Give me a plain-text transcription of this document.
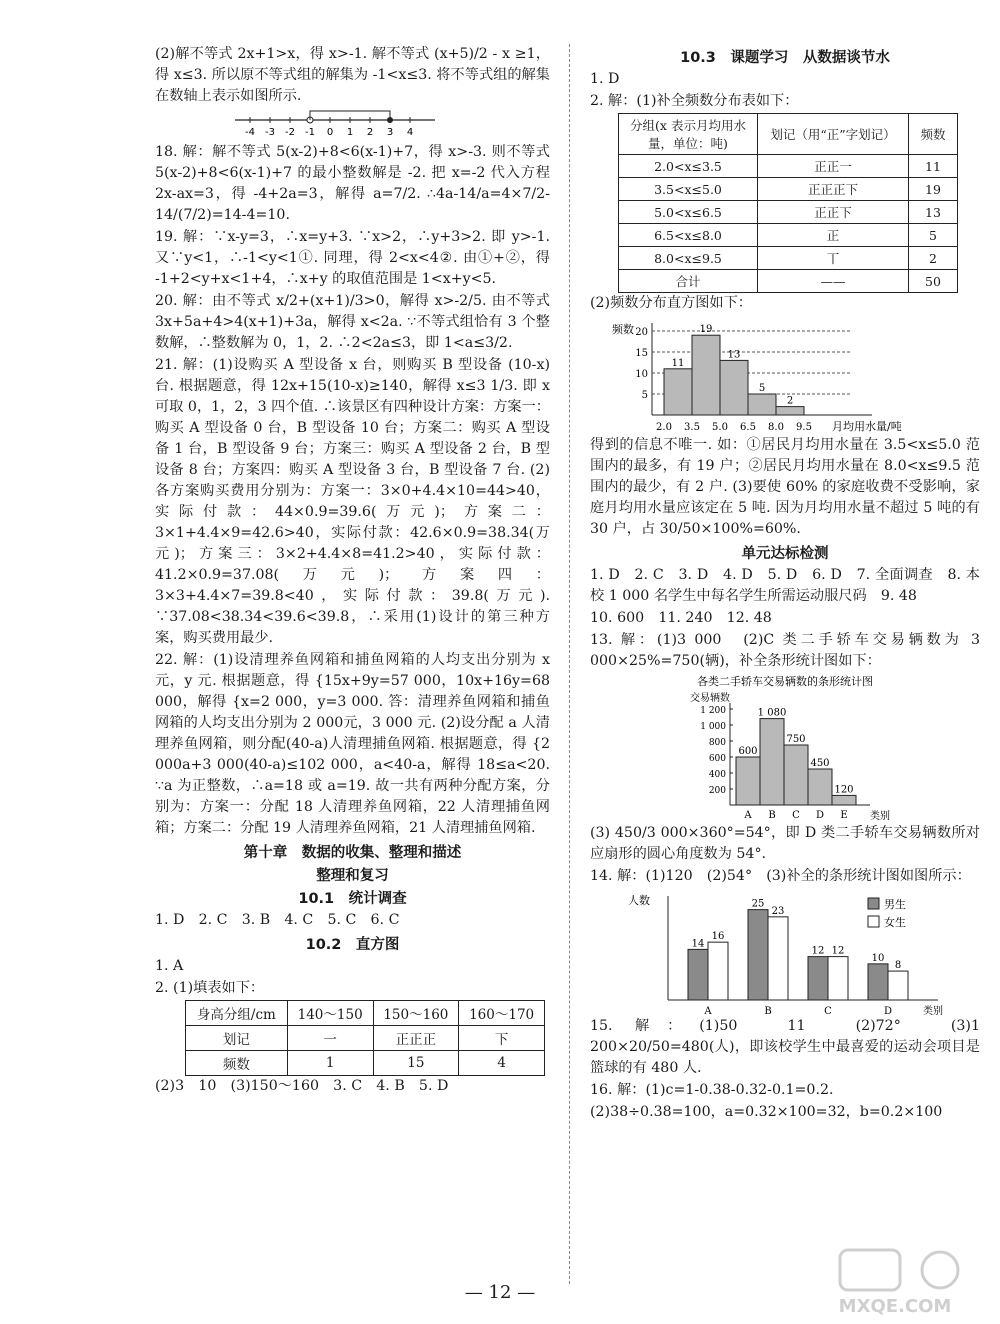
(2)解不等式 2x+1>x，得 x>-1. 解不等式 (x+5)/2 - x ≥1，得 x≤3. 所以原不等式组的解集为 -1<x≤3. 将不等式组的解集在数轴上表示如图所示.

-4 -3 -2 -1 0 1 2 3 4

18. 解：解不等式 5(x-2)+8<6(x-1)+7，得 x>-3. 则不等式 5(x-2)+8<6(x-1)+7 的最小整数解是 -2. 把 x=-2 代入方程 2x-ax=3，得 -4+2a=3，解得 a=7/2. ∴4a-14/a=4×7/2-14/(7/2)=14-4=10.

19. 解：∵x-y=3，∴x=y+3. ∵x>2，∴y+3>2. 即 y>-1. 又∵y<1，∴-1<y<1①. 同理，得 2<x<4②. 由①+②，得 -1+2<y+x<1+4，∴x+y 的取值范围是 1<x+y<5.

20. 解：由不等式 x/2+(x+1)/3>0，解得 x>-2/5. 由不等式 3x+5a+4>4(x+1)+3a，解得 x<2a. ∵不等式组恰有 3 个整数解，∴整数解为 0，1，2. ∴2<2a≤3，即 1<a≤3/2.

21. 解：(1)设购买 A 型设备 x 台，则购买 B 型设备 (10-x) 台. 根据题意，得 12x+15(10-x)≥140，解得 x≤3 1/3. 即 x 可取 0，1，2，3 四个值. ∴该景区有四种设计方案：方案一：购买 A 型设备 0 台，B 型设备 10 台；方案二：购买 A 型设备 1 台，B 型设备 9 台；方案三：购买 A 型设备 2 台，B 型设备 8 台；方案四：购买 A 型设备 3 台，B 型设备 7 台. (2)各方案购买费用分别为：方案一：3×0+4.4×10=44>40，实际付款：44×0.9=39.6(万元)；方案二：3×1+4.4×9=42.6>40，实际付款：42.6×0.9=38.34(万元)；方案三：3×2+4.4×8=41.2>40，实际付款：41.2×0.9=37.08(万元)；方案四：3×3+4.4×7=39.8<40，实际付款：39.8(万元). ∵37.08<38.34<39.6<39.8，∴采用(1)设计的第三种方案，购买费用最少.

22. 解：(1)设清理养鱼网箱和捕鱼网箱的人均支出分别为 x 元，y 元. 根据题意，得 {15x+9y=57 000，10x+16y=68 000，解得 {x=2 000，y=3 000. 答：清理养鱼网箱和捕鱼网箱的人均支出分别为 2 000元，3 000 元. (2)设分配 a 人清理养鱼网箱，则分配(40-a)人清理捕鱼网箱. 根据题意，得 {2 000a+3 000(40-a)≤102 000，a<40-a，解得 18≤a<20. ∵a 为正整数，∴a=18 或 a=19. 故一共有两种分配方案，分别为：方案一：分配 18 人清理养鱼网箱，22 人清理捕鱼网箱；方案二：分配 19 人清理养鱼网箱，21 人清理捕鱼网箱.

第十章　数据的收集、整理和描述
整理和复习
10.1　统计调查

1. D　2. C　3. B　4. C　5. C　6. C

10.2　直方图

1. A

2. (1)填表如下：

身高分组/cm	140～150	150～160	160～170
划记	一	正正正	下
频数	1	15	4

(2)3　10　(3)150～160　3. C　4. B　5. D

10.3　课题学习　从数据谈节水

1. D

2. 解：(1)补全频数分布表如下：

分组(x 表示月均用水量，单位：吨)	划记（用“正”字划记）	频数
2.0<x≤3.5	正正一	11
3.5<x≤5.0	正正正下	19
5.0<x≤6.5	正正下	13
6.5<x≤8.0	正	5
8.0<x≤9.5	丅	2
合计	——	50

(2)频数分布直方图如下：

频数
月均用水量/吨
5
10
15
20
2.0 3.5 5.0 6.5 8.0 9.5
11
19
13
5
2

得到的信息不唯一. 如：①居民月均用水量在 3.5<x≤5.0 范围内的最多，有 19 户；②居民月均用水量在 8.0<x≤9.5 范围内的最少，有 2 户. (3)要使 60% 的家庭收费不受影响，家庭月均用水量应该定在 5 吨. 因为月均用水量不超过 5 吨的有 30 户，占 30/50×100%=60%.

单元达标检测

1. D　2. C　3. D　4. D　5. D　6. D　7. 全面调查　8. 本校 1 000 名学生中每名学生所需运动服尺码　9. 48

10. 600　11. 240　12. 48

13. 解：(1)3 000　(2)C 类二手轿车交易辆数为 3 000×25%=750(辆)，补全条形统计图如下：

各类二手轿车交易辆数的条形统计图
交易辆数
类别
200
400
600
800
1 000
1 200
600
A
1 080
B
750
C
450
D
120
E

(3) 450/3 000×360°=54°，即 D 类二手轿车交易辆数所对应扇形的圆心角度数为 54°.

14. 解：(1)120　(2)54°　(3)补全的条形统计图如图所示：

人数
类别
14
16
A
25
23
B
12 12
C
10
8
D
男生
女生

15. 解：(1)50　11　(2)72°　(3)1 200×20/50=480(人)，即该校学生中最喜爱的运动会项目是篮球的有 480 人.

16. 解：(1)c=1-0.38-0.32-0.1=0.2.

(2)38÷0.38=100，a=0.32×100=32，b=0.2×100

— 12 —
MXQE.COM
